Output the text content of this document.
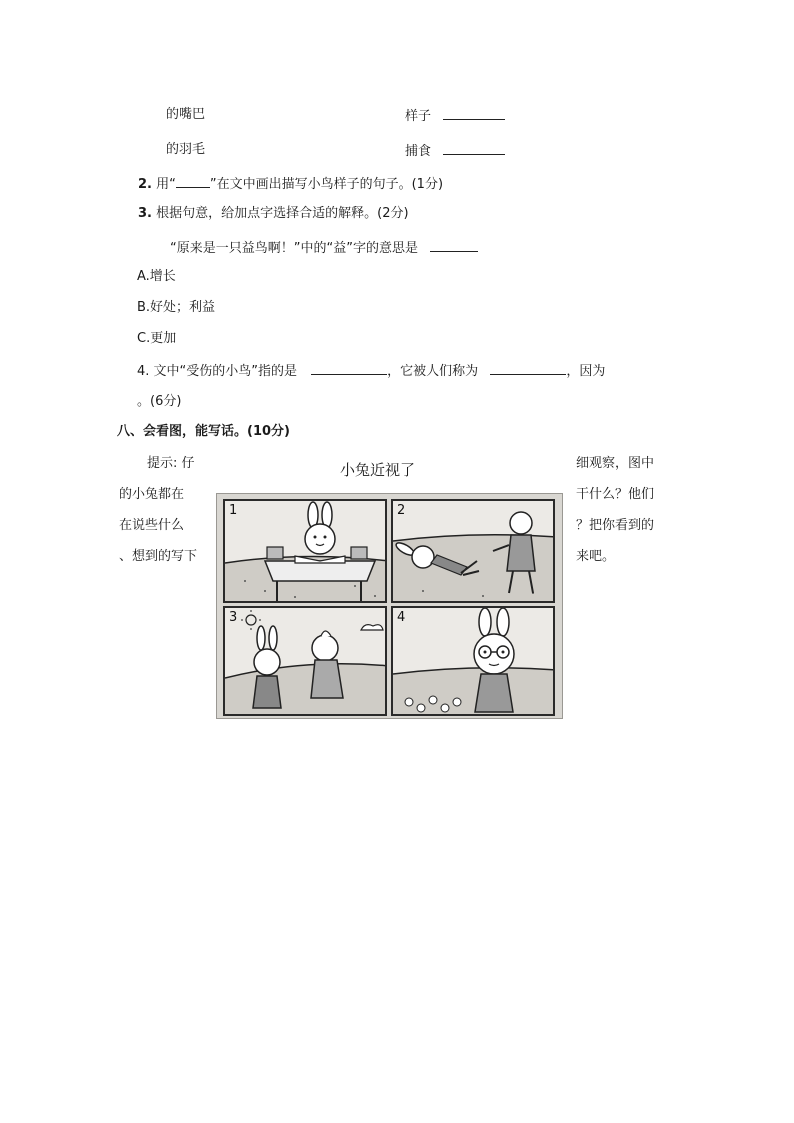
的嘴巴	样子
的羽毛	捕食
2. 用“	”在文中画出描写小鸟样子的句子。(1分)
3. 根据句意，给加点字选择合适的解释。(2分)
“原来是一只益鸟啊！”中的“益”字的意思是
A.增长
B.好处；利益
C.更加
4. 文中“受伤的小鸟”指的是	，它被人们称为	，因为
。(6分)
八、会看图，能写话。(10分)
提示: 仔
的小兔都在
在说些什么
、想到的写下
细观察，图中
干什么？他们
？把你看到的
来吧。
小兔近视了
1	2
3	4
